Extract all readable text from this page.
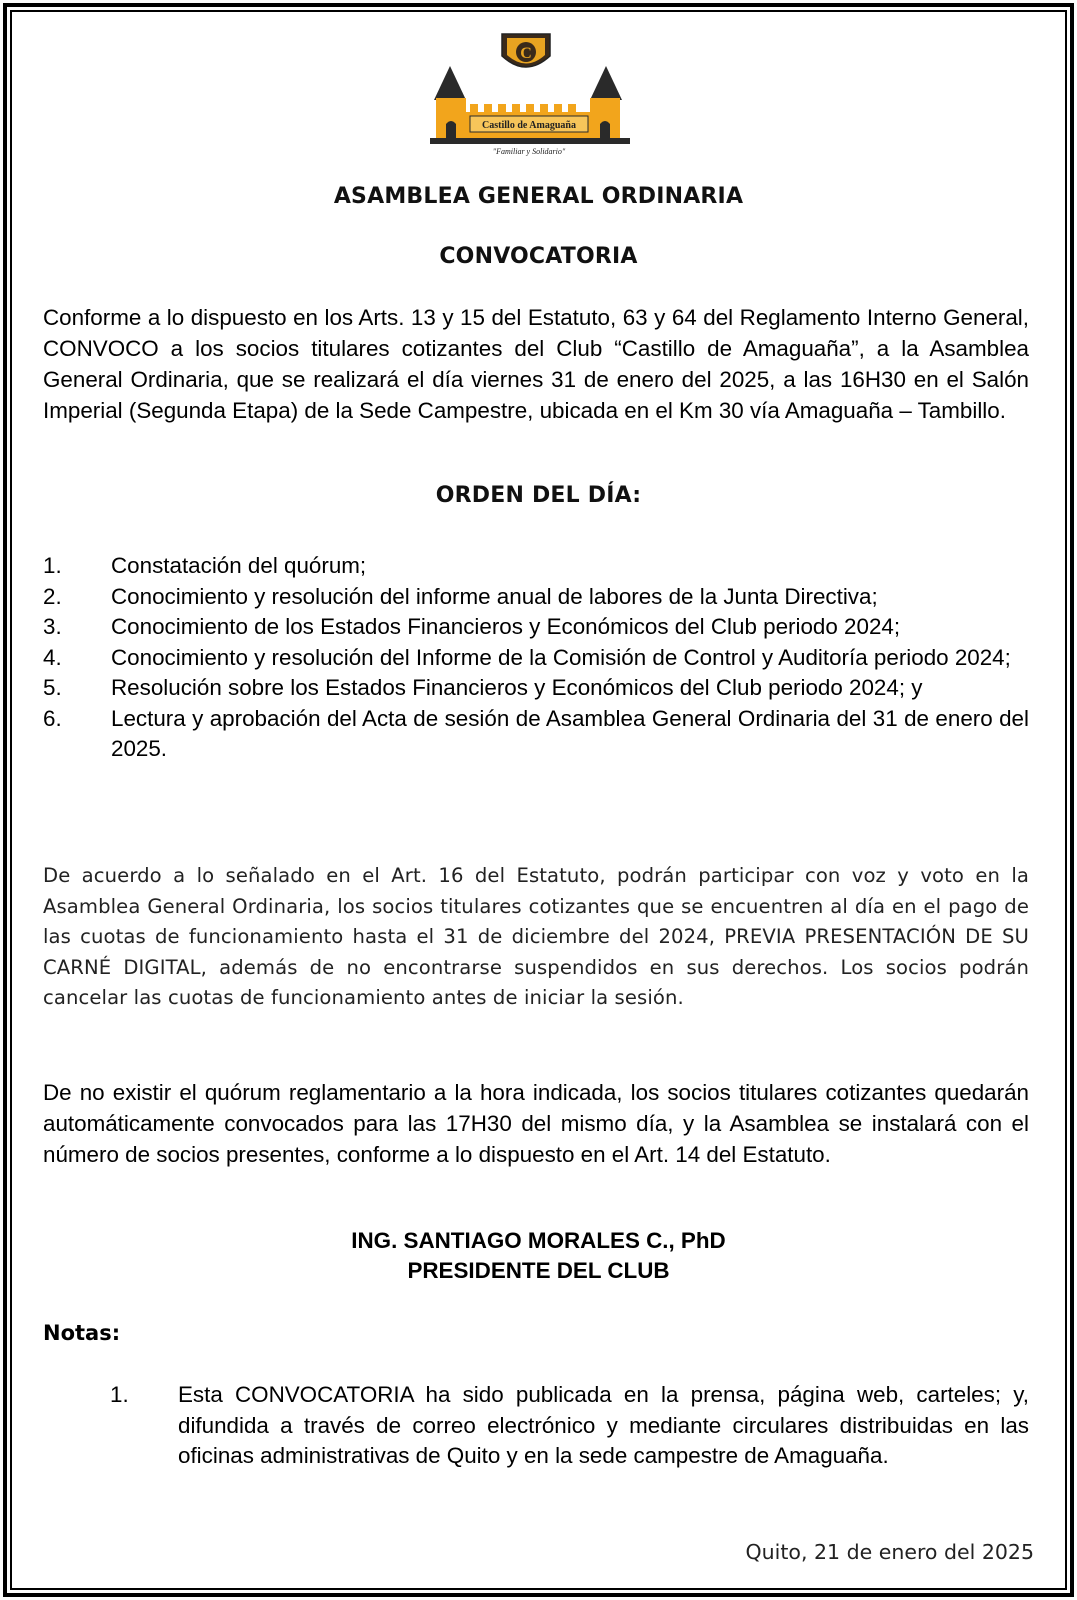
C
Castillo de Amaguaña
"Familiar y Solidario"
ASAMBLEA GENERAL ORDINARIA
CONVOCATORIA
Conforme a lo dispuesto en los Arts. 13 y 15 del Estatuto, 63 y 64 del Reglamento Interno General, CONVOCO a los socios titulares cotizantes del Club “Castillo de Amaguaña”, a la Asamblea General Ordinaria, que se realizará el día viernes 31 de enero del 2025, a las 16H30 en el Salón Imperial (Segunda Etapa) de la Sede Campestre, ubicada en el Km 30 vía Amaguaña – Tambillo.
ORDEN DEL DÍA:
1.	Constatación del quórum;
2.	Conocimiento y resolución del informe anual de labores de la Junta Directiva;
3.	Conocimiento de los Estados Financieros y Económicos del Club periodo 2024;
4.	Conocimiento y resolución del Informe de la Comisión de Control y Auditoría periodo 2024;
5.	Resolución sobre los Estados Financieros y Económicos del Club periodo 2024; y
6.	Lectura y aprobación del Acta de sesión de Asamblea General Ordinaria del 31 de enero del 2025.
De acuerdo a lo señalado en el Art. 16 del Estatuto, podrán participar con voz y voto en la Asamblea General Ordinaria, los socios titulares cotizantes que se encuentren al día en el pago de las cuotas de funcionamiento hasta el 31 de diciembre del 2024, PREVIA PRESENTACIÓN DE SU CARNÉ DIGITAL, además de no encontrarse suspendidos en sus derechos. Los socios podrán cancelar las cuotas de funcionamiento antes de iniciar la sesión.
De no existir el quórum reglamentario a la hora indicada, los socios titulares cotizantes quedarán automáticamente convocados para las 17H30 del mismo día, y la Asamblea se instalará con el número de socios presentes, conforme a lo dispuesto en el Art. 14 del Estatuto.
ING. SANTIAGO MORALES C., PhD
PRESIDENTE DEL CLUB
Notas:
1.	Esta CONVOCATORIA ha sido publicada en la prensa, página web, carteles; y, difundida a través de correo electrónico y mediante circulares distribuidas en las oficinas administrativas de Quito y en la sede campestre de Amaguaña.
Quito, 21 de enero del 2025
